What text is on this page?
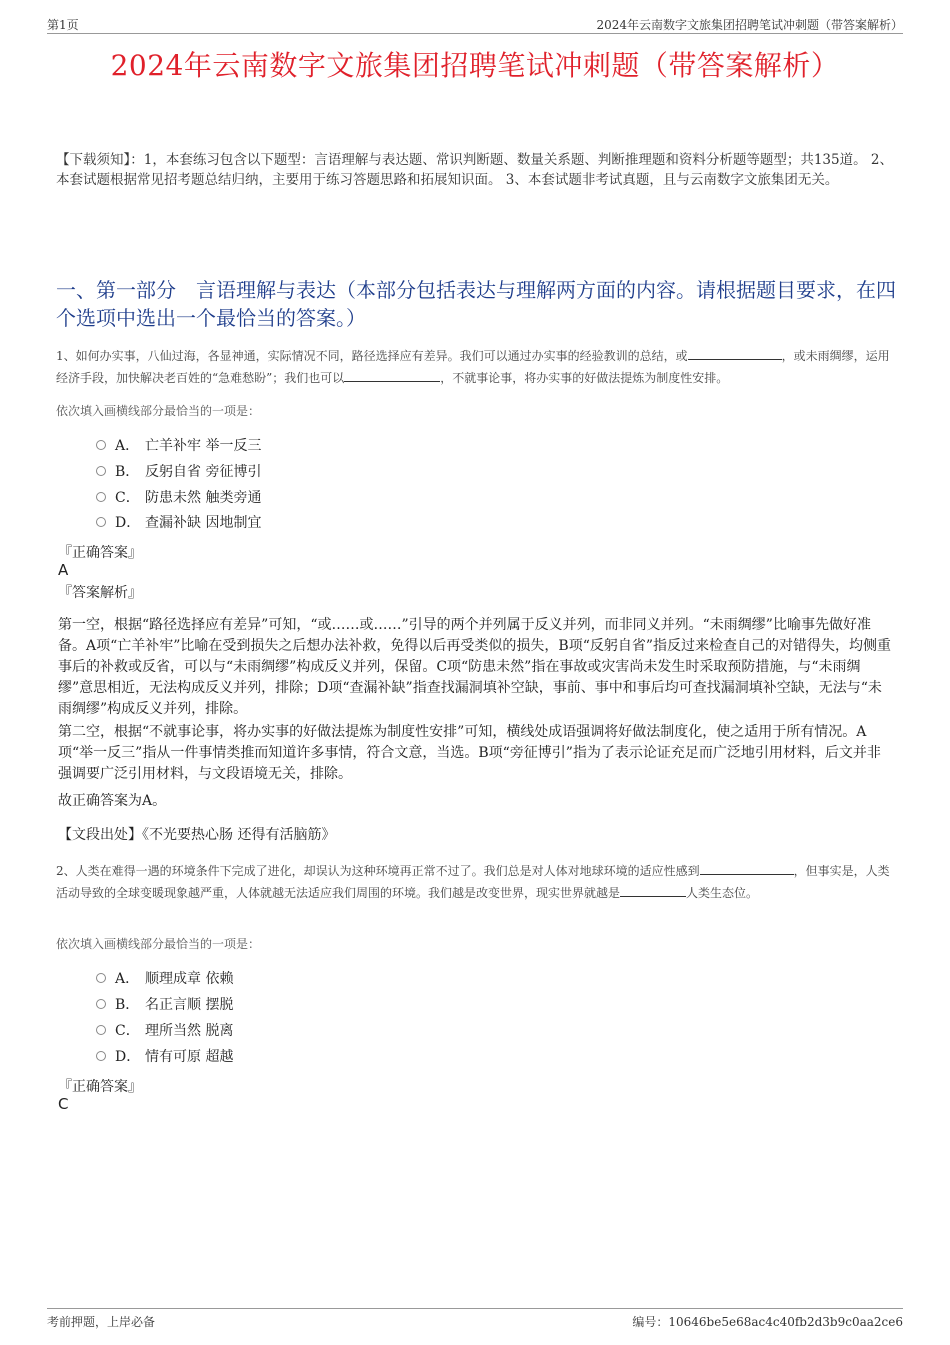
第1页	2024年云南数字文旅集团招聘笔试冲刺题（带答案解析）
2024年云南数字文旅集团招聘笔试冲刺题（带答案解析）
【下载须知】：1，本套练习包含以下题型：言语理解与表达题、常识判断题、数量关系题、判断推理题和资料分析题等题型；共135道。 2、本套试题根据常见招考题总结归纳，主要用于练习答题思路和拓展知识面。 3、本套试题非考试真题，且与云南数字文旅集团无关。
一、第一部分　言语理解与表达（本部分包括表达与理解两方面的内容。请根据题目要求，在四个选项中选出一个最恰当的答案。）
1、如何办实事，八仙过海，各显神通，实际情况不同，路径选择应有差异。我们可以通过办实事的经验教训的总结，或	，或未雨绸缪，运用经济手段，加快解决老百姓的“急难愁盼”；我们也可以	，不就事论事，将办实事的好做法提炼为制度性安排。
依次填入画横线部分最恰当的一项是：
A． 亡羊补牢 举一反三
B． 反躬自省 旁征博引
C． 防患未然 触类旁通
D． 查漏补缺 因地制宜
『正确答案』
A
『答案解析』
第一空，根据“路径选择应有差异”可知，“或……或……”引导的两个并列属于反义并列，而非同义并列。“未雨绸缪”比喻事先做好准备。A项“亡羊补牢”比喻在受到损失之后想办法补救，免得以后再受类似的损失，B项“反躬自省”指反过来检查自己的对错得失，均侧重事后的补救或反省，可以与“未雨绸缪”构成反义并列，保留。C项“防患未然”指在事故或灾害尚未发生时采取预防措施，与“未雨绸缪”意思相近，无法构成反义并列，排除；D项“查漏补缺”指查找漏洞填补空缺，事前、事中和事后均可查找漏洞填补空缺，无法与“未雨绸缪”构成反义并列，排除。
第二空，根据“不就事论事，将办实事的好做法提炼为制度性安排”可知，横线处成语强调将好做法制度化，使之适用于所有情况。A项“举一反三”指从一件事情类推而知道许多事情，符合文意，当选。B项“旁征博引”指为了表示论证充足而广泛地引用材料，后文并非强调要广泛引用材料，与文段语境无关，排除。
故正确答案为A。
【文段出处】《不光要热心肠 还得有活脑筋》
2、人类在难得一遇的环境条件下完成了进化，却误认为这种环境再正常不过了。我们总是对人体对地球环境的适应性感到	，但事实是，人类活动导致的全球变暖现象越严重，人体就越无法适应我们周围的环境。我们越是改变世界，现实世界就越是	人类生态位。
依次填入画横线部分最恰当的一项是：
A． 顺理成章 依赖
B． 名正言顺 摆脱
C． 理所当然 脱离
D． 情有可原 超越
『正确答案』
C
考前押题，上岸必备	编号：10646be5e68ac4c40fb2d3b9c0aa2ce6
